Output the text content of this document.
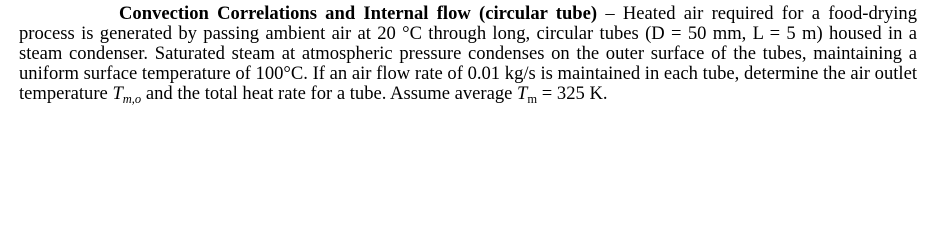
Convection Correlations and Internal flow (circular tube) – Heated air required for a food-drying process is generated by passing ambient air at 20 °C through long, circular tubes (D = 50 mm, L = 5 m) housed in a steam condenser. Saturated steam at atmospheric pressure condenses on the outer surface of the tubes, maintaining a uniform surface temperature of 100°C. If an air flow rate of 0.01 kg/s is maintained in each tube, determine the air outlet temperature $T_{m,o}$ and the total heat rate for a tube. Assume average $T_m = 325$ K.
